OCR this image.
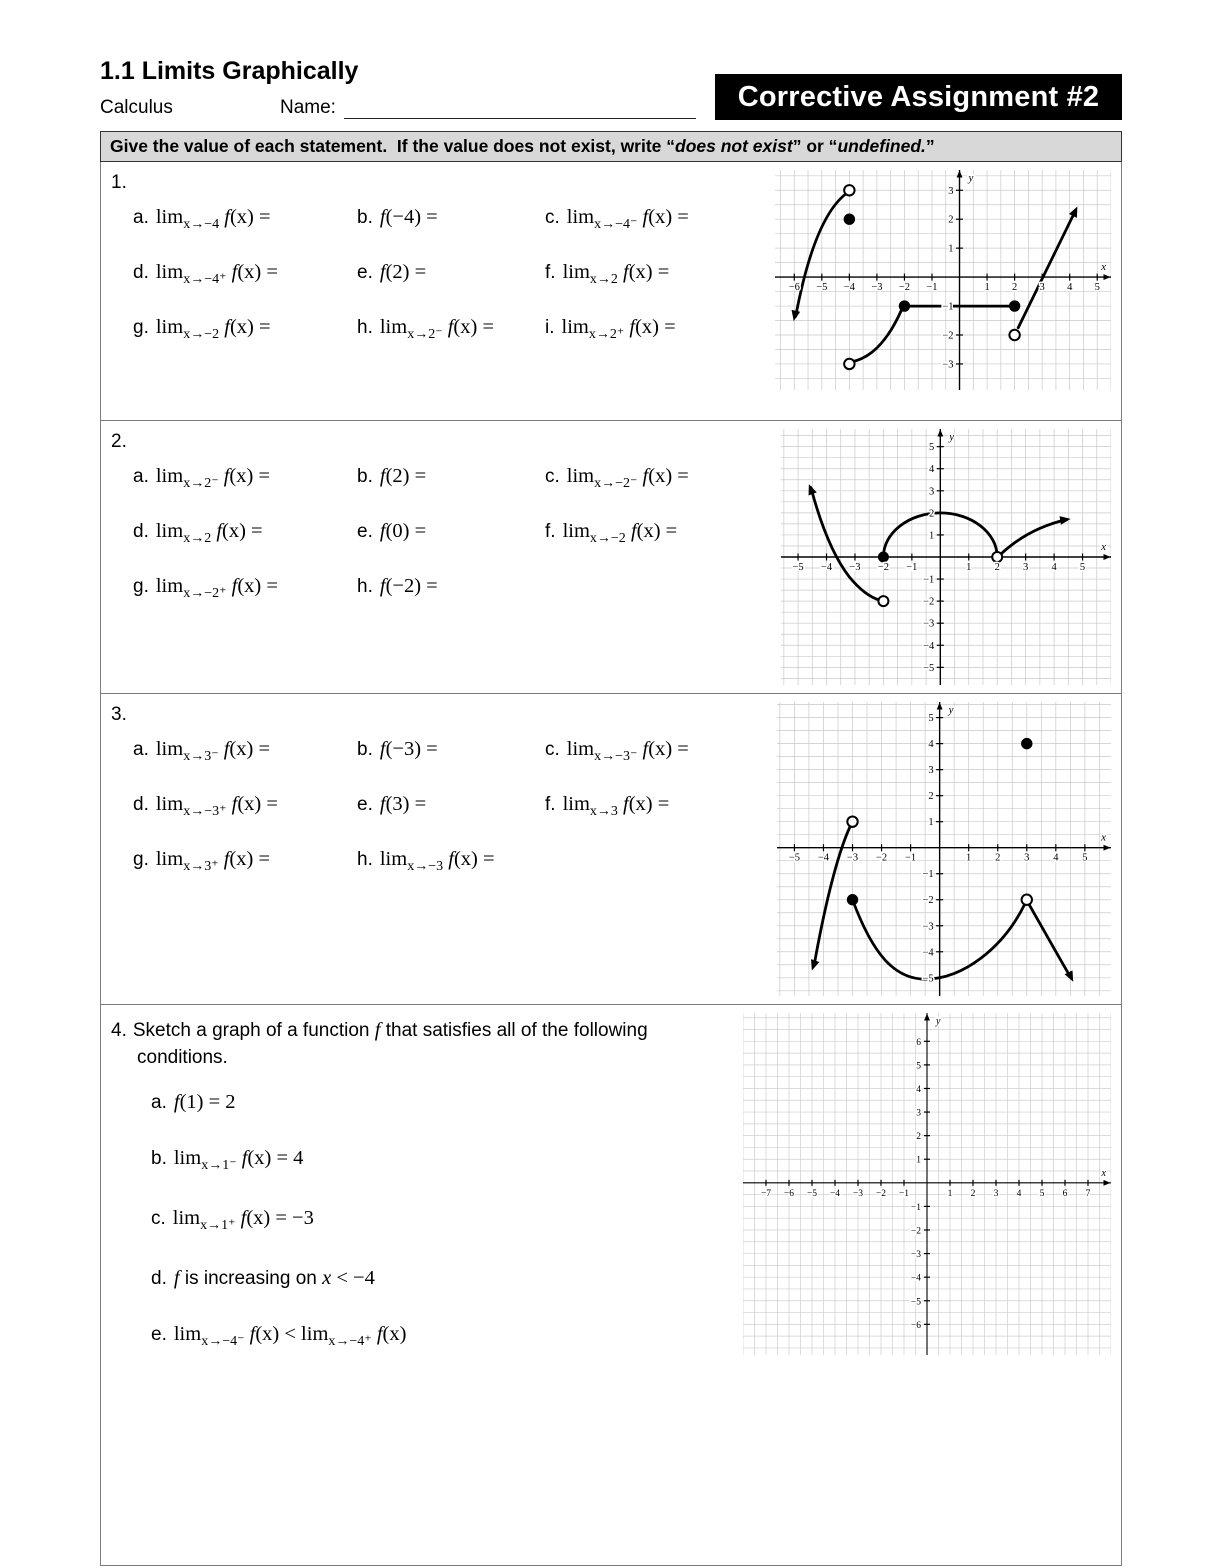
1.1 Limits Graphically
Calculus	Name:	Corrective Assignment #2
Give the value of each statement.  If the value does not exist, write “does not exist” or “undefined.”
1.
a. limx→−4 f(x) =	b. f(−4) =	c. limx→−4⁻ f(x) =
d. limx→−4⁺ f(x) =	e. f(2) =	f. limx→2 f(x) =
g. limx→−2 f(x) =	h. limx→2⁻ f(x) =	i. limx→2⁺ f(x) =
−6 −5 −4 −3 −2 −1	1 2 3 4 5
−3
−2
−1
1
2
3
x
y
2.
a. limx→2⁻ f(x) =	b. f(2) =	c. limx→−2⁻ f(x) =
d. limx→2 f(x) =	e. f(0) =	f. limx→−2 f(x) =
g. limx→−2⁺ f(x) =	h. f(−2) =
−5 −4 −3 −2 −1	1 2 3 4 5
−5
−4
−3
−2
−1
1
2
3
4
5
x
y
3.
a. limx→3⁻ f(x) =	b. f(−3) =	c. limx→−3⁻ f(x) =
d. limx→−3⁺ f(x) =	e. f(3) =	f. limx→3 f(x) =
g. limx→3⁺ f(x) =	h. limx→−3 f(x) =	−5 −4 −3 −2 −1	1 2 3 4 5
−5
−4
−3
−2
−1
1
2
3
4
5
x
y
4. Sketch a graph of a function f that satisfies all of the following conditions.
a. f(1) = 2
b. limx→1⁻ f(x) = 4
c. limx→1⁺ f(x) = −3
d. f is increasing on x < −4
e. limx→−4⁻ f(x) < limx→−4⁺ f(x)
−7 −6 −5 −4 −3 −2 −1	1 2 3 4 5 6 7
−6
−5
−4
−3
−2
−1
1
2
3
4
5
6
x
y
